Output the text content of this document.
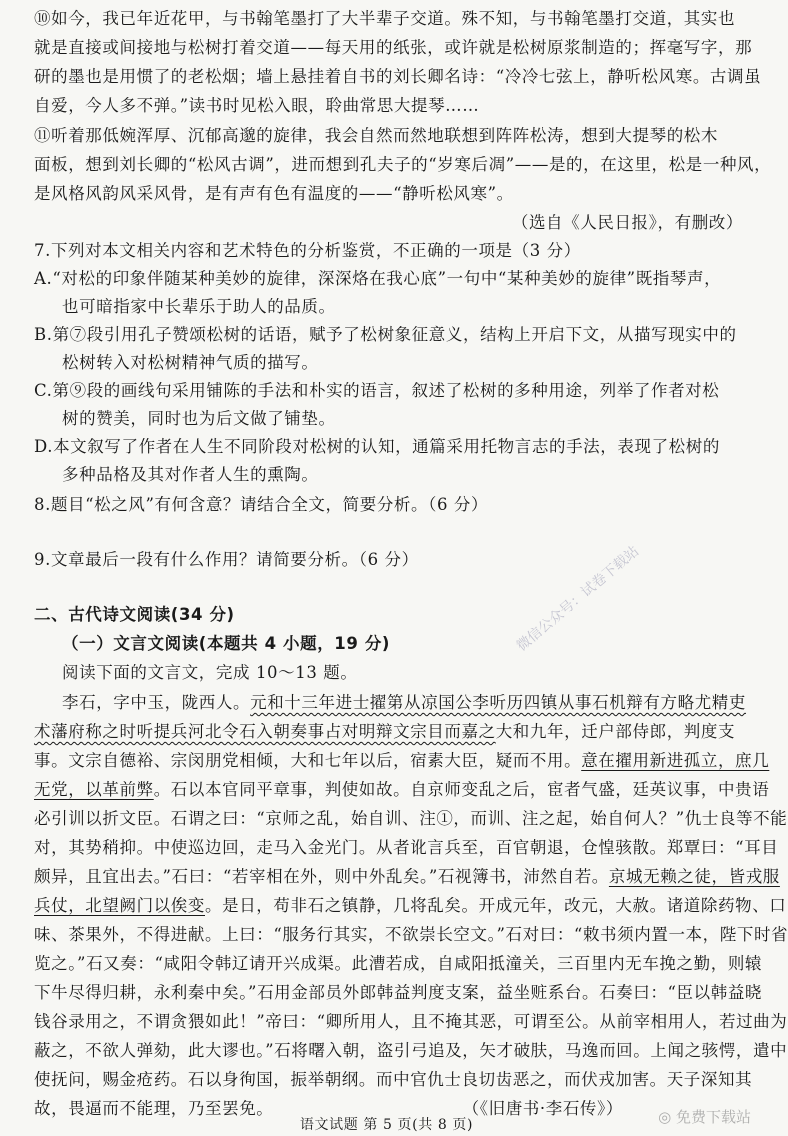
⑩如今，我已年近花甲，与书翰笔墨打了大半辈子交道。殊不知，与书翰笔墨打交道，其实也
就是直接或间接地与松树打着交道——每天用的纸张，或许就是松树原浆制造的；挥毫写字，那
研的墨也是用惯了的老松烟；墙上悬挂着自书的刘长卿名诗：“冷冷七弦上，静听松风寒。古调虽
自爱，今人多不弹。”读书时见松入眼，聆曲常思大提琴……
⑪听着那低婉浑厚、沉郁高邈的旋律，我会自然而然地联想到阵阵松涛，想到大提琴的松木
面板，想到刘长卿的“松风古调”，进而想到孔夫子的“岁寒后凋”——是的，在这里，松是一种风，
是风格风韵风采风骨，是有声有色有温度的——“静听松风寒”。
（选自《人民日报》，有删改）
7.下列对本文相关内容和艺术特色的分析鉴赏，不正确的一项是（3 分）
A.“对松的印象伴随某种美妙的旋律，深深烙在我心底”一句中“某种美妙的旋律”既指琴声，
也可暗指家中长辈乐于助人的品质。
B.第⑦段引用孔子赞颂松树的话语，赋予了松树象征意义，结构上开启下文，从描写现实中的
松树转入对松树精神气质的描写。
C.第⑨段的画线句采用铺陈的手法和朴实的语言，叙述了松树的多种用途，列举了作者对松
树的赞美，同时也为后文做了铺垫。
D.本文叙写了作者在人生不同阶段对松树的认知，通篇采用托物言志的手法，表现了松树的
多种品格及其对作者人生的熏陶。
8.题目“松之风”有何含意？请结合全文，简要分析。（6 分）
9.文章最后一段有什么作用？请简要分析。（6 分）
二、古代诗文阅读(34 分)
（一）文言文阅读(本题共 4 小题，19 分)
阅读下面的文言文，完成 10～13 题。
李石，字中玉，陇西人。元和十三年进士擢第从凉国公李听历四镇从事石机辩有方略尤精吏
术藩府称之时听提兵河北令石入朝奏事占对明辩文宗目而嘉之大和九年，迁户部侍郎，判度支
事。文宗自德裕、宗闵朋党相倾，大和七年以后，宿素大臣，疑而不用。意在擢用新进孤立，庶几
无党，以革前弊。石以本官同平章事，判使如故。自京师变乱之后，宦者气盛，廷英议事，中贵语
必引训以折文臣。石谓之曰：“京师之乱，始自训、注①，而训、注之起，始自何人？”仇士良等不能
对，其势稍抑。中使巡边回，走马入金光门。从者讹言兵至，百官朝退，仓惶骇散。郑覃曰：“耳目
颇异，且宜出去。”石曰：“若宰相在外，则中外乱矣。”石视簿书，沛然自若。京城无赖之徒，皆戎服
兵仗，北望阙门以俟变。是日，苟非石之镇静，几将乱矣。开成元年，改元，大赦。诸道除药物、口
味、茶果外，不得进献。上曰：“服务行其实，不欲崇长空文。”石对曰：“敕书须内置一本，陛下时省
览之。”石又奏：“咸阳令韩辽请开兴成渠。此漕若成，自咸阳抵潼关，三百里内无车挽之勤，则辕
下牛尽得归耕，永利秦中矣。”石用金部员外郎韩益判度支案，益坐赃系台。石奏曰：“臣以韩益晓
钱谷录用之，不谓贪猥如此！”帝曰：“卿所用人，且不掩其恶，可谓至公。从前宰相用人，若过曲为
蔽之，不欲人弹劾，此大谬也。”石将曙入朝，盗引弓追及，矢才破肤，马逸而回。上闻之骇愕，遣中
使抚问，赐金疮药。石以身徇国，振举朝纲。而中官仇士良切齿恶之，而伏戎加害。天子深知其
故，畏逼而不能理，乃至罢免。	（《旧唐书·李石传》）
语文试题 第 5 页(共 8 页)
微信公众号：试卷下载站
◎ 免费下载站
